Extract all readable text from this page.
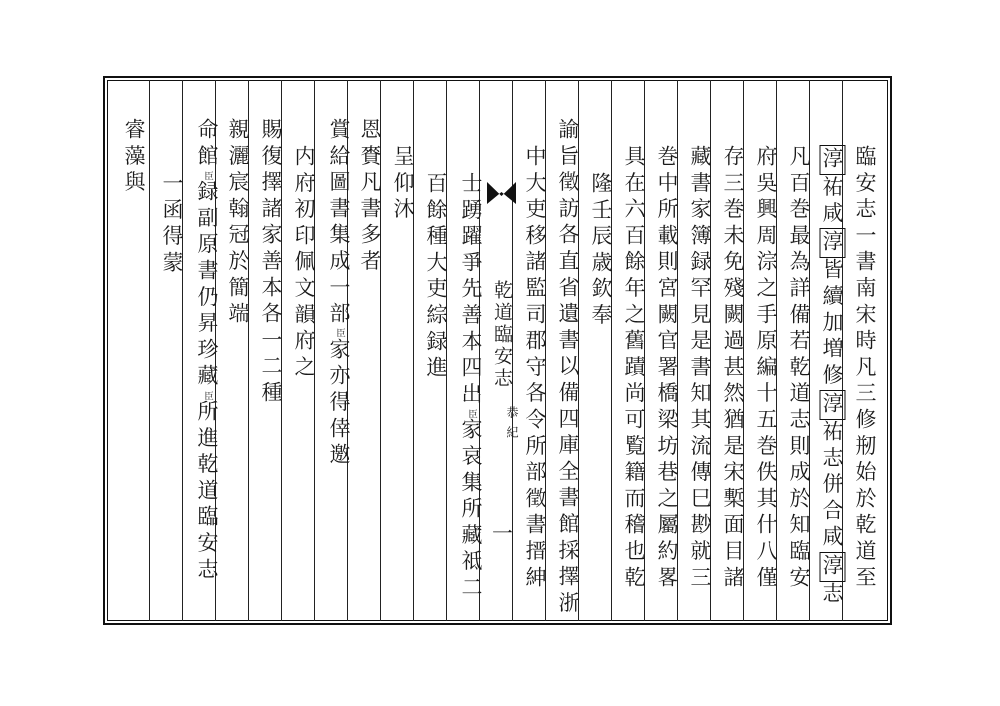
臨安志一書南宋時凡三修剏始於乾道至
淳祐咸淳皆續加増修淳祐志併合咸淳志
凡百巻最為詳備若乾道志則成於知臨安
府吳興周淙之手原編十五巻佚其什八僅
存三巻未免殘闕過甚然猶是宋槧面目諸
藏書家簿録罕見是書知其流傳巳尠就三
巻中所載則宮闕官署橋梁坊巷之屬約畧
具在六百餘年之舊蹟尚可覧籍而稽也乾
隆壬辰歳欽奉
諭旨徵訪各直省遺書以備四庫全書館採擇浙
中大吏移諸監司郡守各令所部徵書搢紳
乾道臨安志
恭紀
一
士踴躍爭先善本四出臣家哀集所藏祗二
百餘種大吏綜録進
呈仰沐
恩賚凡書多者
賞給圖書集成一部臣家亦得倖邀
内府初印佩文韻府之
賜復擇諸家善本各一二種
親灑宸翰冠於簡端
命館臣録副原書仍昇珍藏臣所進乾道臨安志
一函得蒙
睿藻與
